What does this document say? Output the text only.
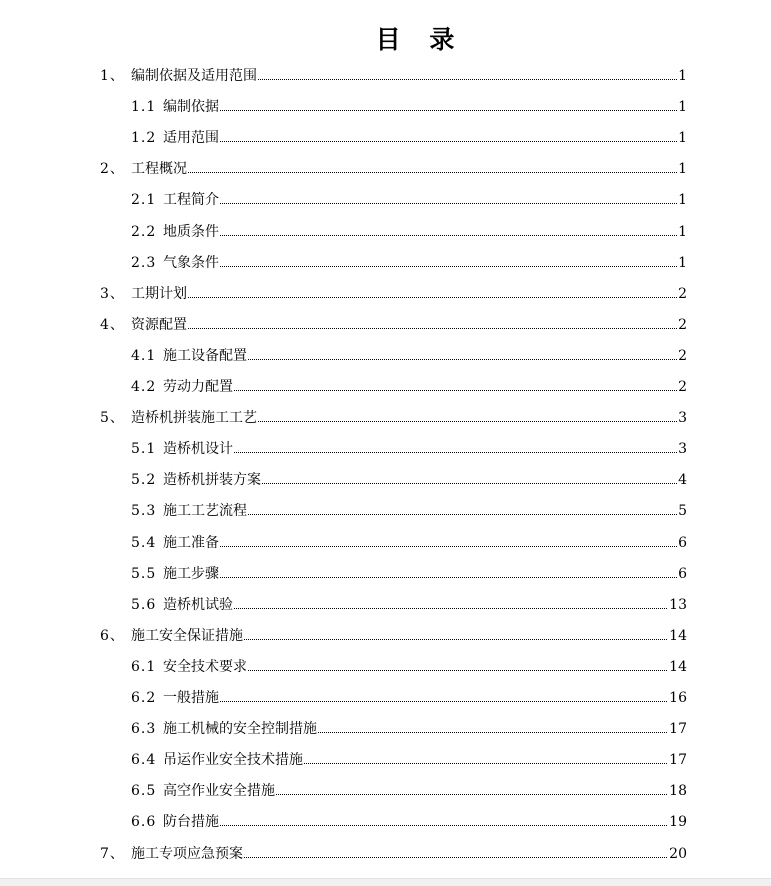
目 录
1、 编制依据及适用范围	1
1.1 编制依据	1
1.2 适用范围	1
2、 工程概况	1
2.1 工程简介	1
2.2 地质条件	1
2.3 气象条件	1
3、 工期计划	2
4、 资源配置	2
4.1 施工设备配置	2
4.2 劳动力配置	2
5、 造桥机拼装施工工艺	3
5.1 造桥机设计	3
5.2 造桥机拼装方案	4
5.3 施工工艺流程	5
5.4 施工准备	6
5.5 施工步骤	6
5.6 造桥机试验	13
6、 施工安全保证措施	14
6.1 安全技术要求	14
6.2 一般措施	16
6.3 施工机械的安全控制措施	17
6.4 吊运作业安全技术措施	17
6.5 高空作业安全措施	18
6.6 防台措施	19
7、 施工专项应急预案	20
